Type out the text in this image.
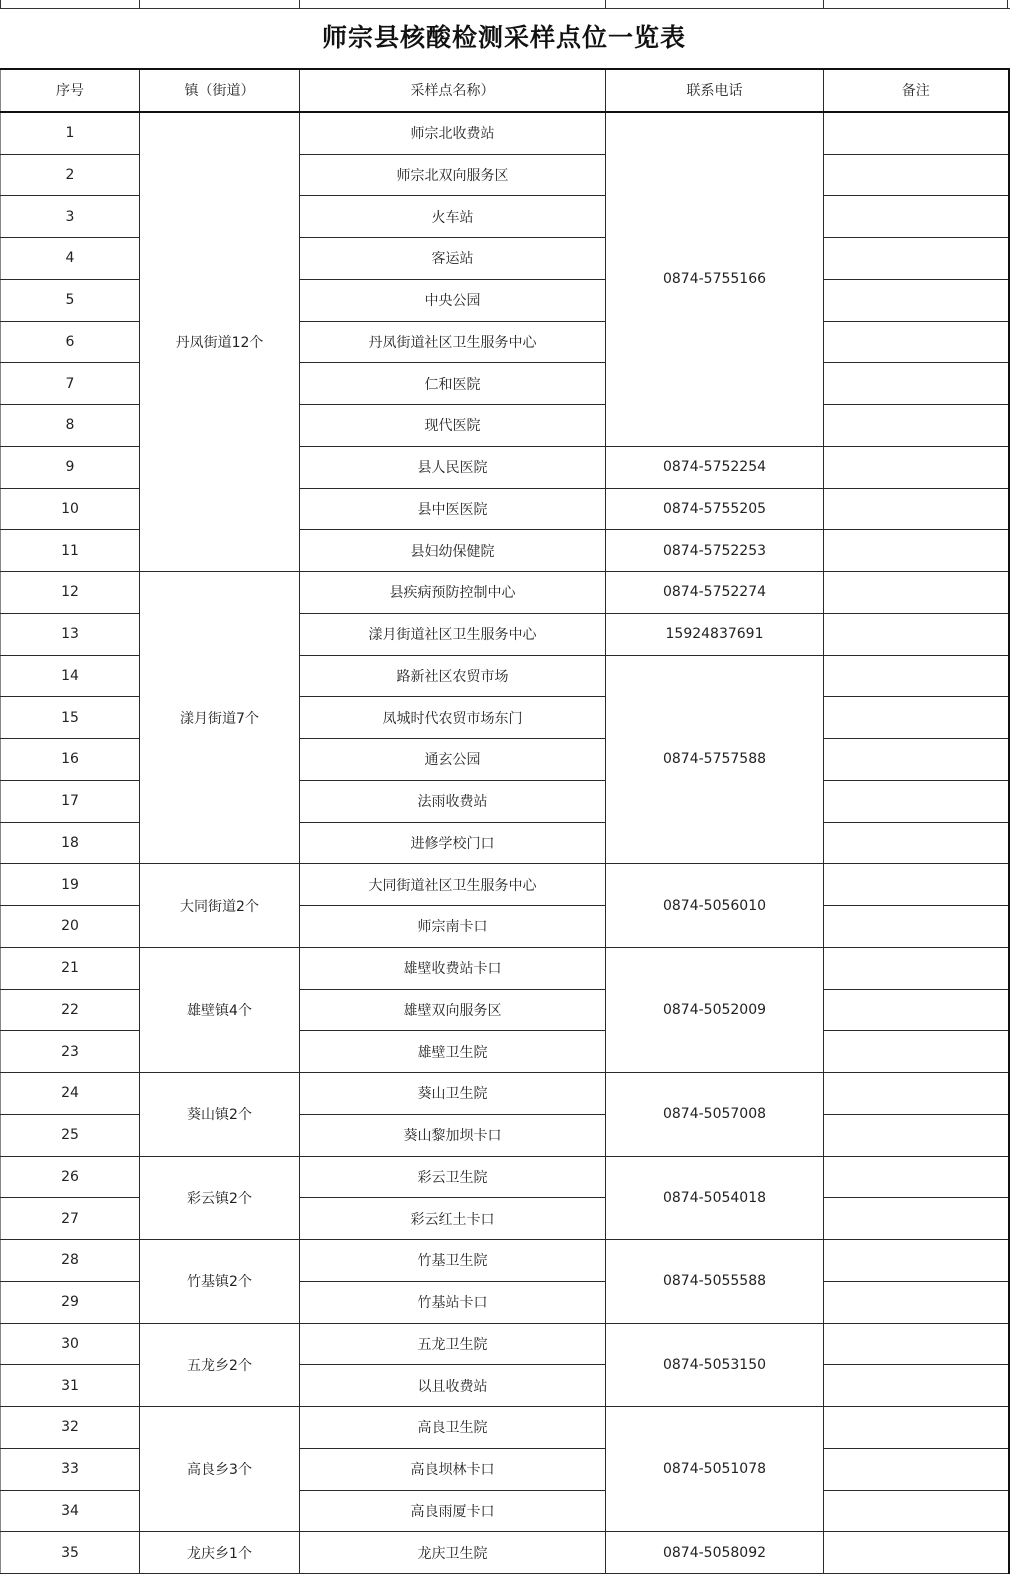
师宗县核酸检测采样点位一览表
序号	镇（街道）	采样点名称）	联系电话	备注
1	丹凤街道12个	师宗北收费站	0874-5755166	
2		师宗北双向服务区		
3		火车站		
4		客运站		
5		中央公园		
6		丹凤街道社区卫生服务中心		
7		仁和医院		
8		现代医院		
9		县人民医院	0874-5752254	
10		县中医医院	0874-5755205	
11		县妇幼保健院	0874-5752253	
12	漾月街道7个	县疾病预防控制中心	0874-5752274	
13		漾月街道社区卫生服务中心	15924837691	
14		路新社区农贸市场	0874-5757588	
15		凤城时代农贸市场东门		
16		通玄公园		
17		法雨收费站		
18		进修学校门口		
19	大同街道2个	大同街道社区卫生服务中心	0874-5056010	
20		师宗南卡口		
21	雄壁镇4个	雄壁收费站卡口	0874-5052009	
22		雄壁双向服务区		
23		雄壁卫生院		
24	葵山镇2个	葵山卫生院	0874-5057008	
25		葵山黎加坝卡口		
26	彩云镇2个	彩云卫生院	0874-5054018	
27		彩云红土卡口		
28	竹基镇2个	竹基卫生院	0874-5055588	
29		竹基站卡口		
30	五龙乡2个	五龙卫生院	0874-5053150	
31		以且收费站		
32	高良乡3个	高良卫生院	0874-5051078	
33		高良坝林卡口		
34		高良雨厦卡口		
35	龙庆乡1个	龙庆卫生院	0874-5058092	
